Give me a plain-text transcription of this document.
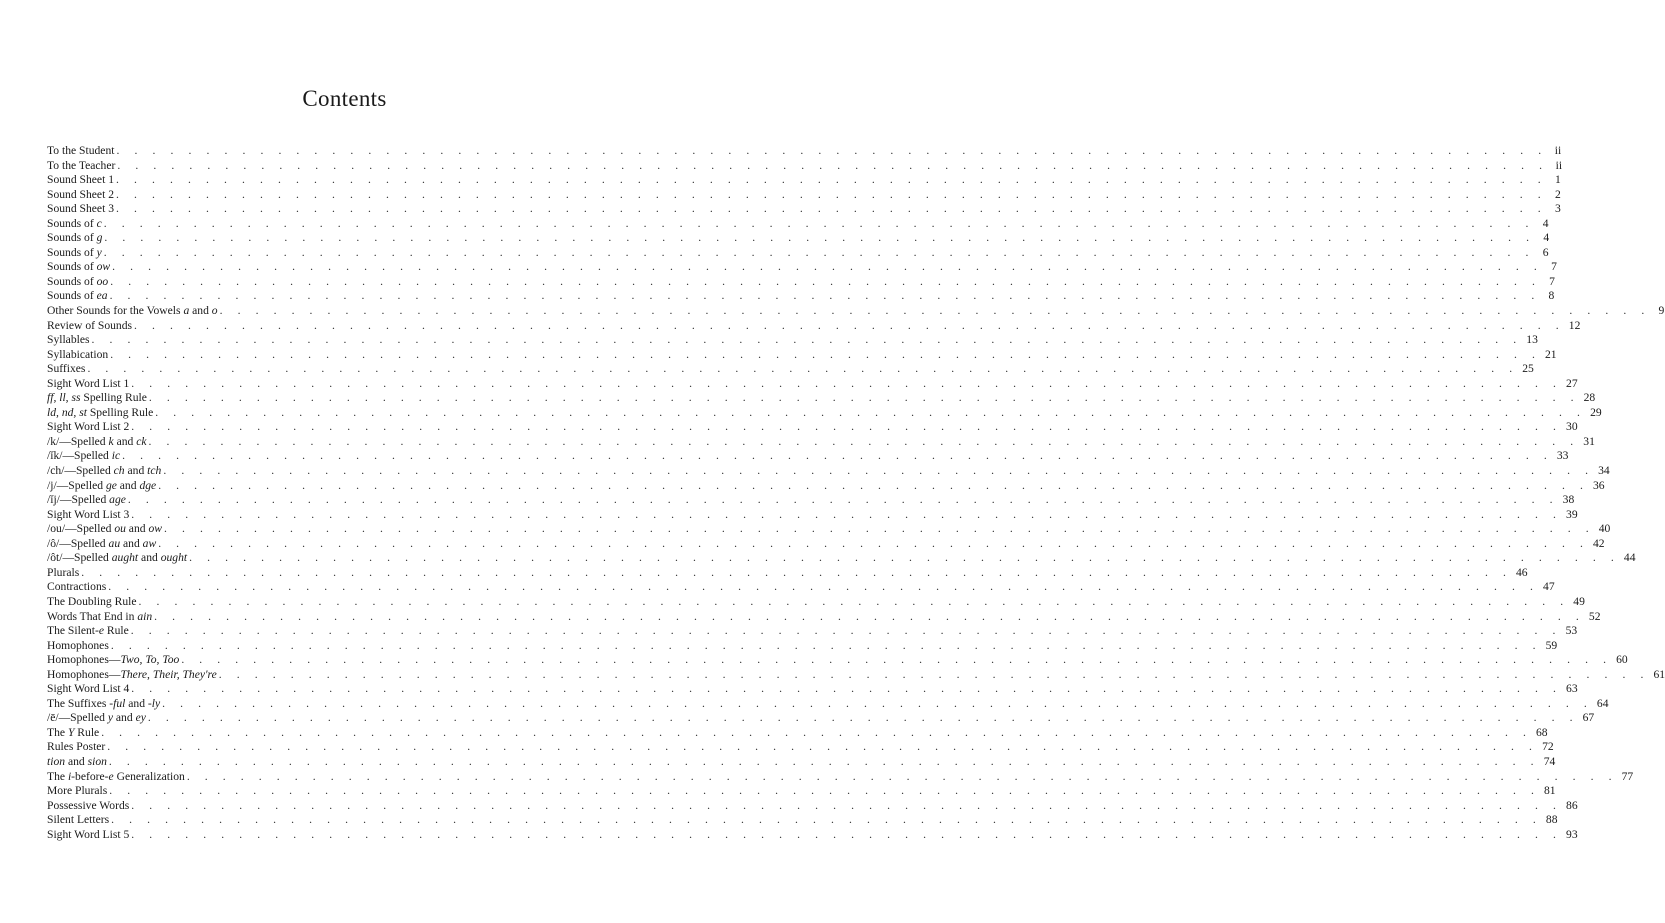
Contents
To the Student . . . . . . . . . . . . . . . . . . . . . . . . . . . . . . . . . . . . . . . . . . . . . . . . . . . . . . . . . . . . . . . . . . . . . . . . . . . . . . . . ii
To the Teacher . . . . . . . . . . . . . . . . . . . . . . . . . . . . . . . . . . . . . . . . . . . . . . . . . . . . . . . . . . . . . . . . . . . . . . . . . . . . . . . . ii
Sound Sheet 1 . . . . . . . . . . . . . . . . . . . . . . . . . . . . . . . . . . . . . . . . . . . . . . . . . . . . . . . . . . . . . . . . . . . . . . . . . . . . . . . . 1
Sound Sheet 2 . . . . . . . . . . . . . . . . . . . . . . . . . . . . . . . . . . . . . . . . . . . . . . . . . . . . . . . . . . . . . . . . . . . . . . . . . . . . . . . . 2
Sound Sheet 3 . . . . . . . . . . . . . . . . . . . . . . . . . . . . . . . . . . . . . . . . . . . . . . . . . . . . . . . . . . . . . . . . . . . . . . . . . . . . . . . . 3
Sounds of c . . . . . . . . . . . . . . . . . . . . . . . . . . . . . . . . . . . . . . . . . . . . . . . . . . . . . . . . . . . . . . . . . . . . . . . . . . . . . . . . 4
Sounds of g . . . . . . . . . . . . . . . . . . . . . . . . . . . . . . . . . . . . . . . . . . . . . . . . . . . . . . . . . . . . . . . . . . . . . . . . . . . . . . . . 4
Sounds of y . . . . . . . . . . . . . . . . . . . . . . . . . . . . . . . . . . . . . . . . . . . . . . . . . . . . . . . . . . . . . . . . . . . . . . . . . . . . . . . . 6
Sounds of ow . . . . . . . . . . . . . . . . . . . . . . . . . . . . . . . . . . . . . . . . . . . . . . . . . . . . . . . . . . . . . . . . . . . . . . . . . . . . . . . . 7
Sounds of oo . . . . . . . . . . . . . . . . . . . . . . . . . . . . . . . . . . . . . . . . . . . . . . . . . . . . . . . . . . . . . . . . . . . . . . . . . . . . . . . . 7
Sounds of ea . . . . . . . . . . . . . . . . . . . . . . . . . . . . . . . . . . . . . . . . . . . . . . . . . . . . . . . . . . . . . . . . . . . . . . . . . . . . . . . . 8
Other Sounds for the Vowels a and o . . . . . . . . . . . . . . . . . . . . . . . . . . . . . . . . . . . . . . . . . . . . . . . . . . . . . . . . . . . . . . . . . . . . . . . . . . . . . . . . 9
Review of Sounds . . . . . . . . . . . . . . . . . . . . . . . . . . . . . . . . . . . . . . . . . . . . . . . . . . . . . . . . . . . . . . . . . . . . . . . . . . . . . . . . 12
Syllables . . . . . . . . . . . . . . . . . . . . . . . . . . . . . . . . . . . . . . . . . . . . . . . . . . . . . . . . . . . . . . . . . . . . . . . . . . . . . . . . 13
Syllabication . . . . . . . . . . . . . . . . . . . . . . . . . . . . . . . . . . . . . . . . . . . . . . . . . . . . . . . . . . . . . . . . . . . . . . . . . . . . . . . . 21
Suffixes . . . . . . . . . . . . . . . . . . . . . . . . . . . . . . . . . . . . . . . . . . . . . . . . . . . . . . . . . . . . . . . . . . . . . . . . . . . . . . . . 25
Sight Word List 1 . . . . . . . . . . . . . . . . . . . . . . . . . . . . . . . . . . . . . . . . . . . . . . . . . . . . . . . . . . . . . . . . . . . . . . . . . . . . . . . . 27
ff, ll, ss Spelling Rule . . . . . . . . . . . . . . . . . . . . . . . . . . . . . . . . . . . . . . . . . . . . . . . . . . . . . . . . . . . . . . . . . . . . . . . . . . . . . . . . 28
ld, nd, st Spelling Rule . . . . . . . . . . . . . . . . . . . . . . . . . . . . . . . . . . . . . . . . . . . . . . . . . . . . . . . . . . . . . . . . . . . . . . . . . . . . . . . . 29
Sight Word List 2 . . . . . . . . . . . . . . . . . . . . . . . . . . . . . . . . . . . . . . . . . . . . . . . . . . . . . . . . . . . . . . . . . . . . . . . . . . . . . . . . 30
/k/—Spelled k and ck . . . . . . . . . . . . . . . . . . . . . . . . . . . . . . . . . . . . . . . . . . . . . . . . . . . . . . . . . . . . . . . . . . . . . . . . . . . . . . . . 31
/ĭk/—Spelled ic . . . . . . . . . . . . . . . . . . . . . . . . . . . . . . . . . . . . . . . . . . . . . . . . . . . . . . . . . . . . . . . . . . . . . . . . . . . . . . . . 33
/ch/—Spelled ch and tch . . . . . . . . . . . . . . . . . . . . . . . . . . . . . . . . . . . . . . . . . . . . . . . . . . . . . . . . . . . . . . . . . . . . . . . . . . . . . . . . 34
/j/—Spelled ge and dge . . . . . . . . . . . . . . . . . . . . . . . . . . . . . . . . . . . . . . . . . . . . . . . . . . . . . . . . . . . . . . . . . . . . . . . . . . . . . . . . 36
/ĭj/—Spelled age . . . . . . . . . . . . . . . . . . . . . . . . . . . . . . . . . . . . . . . . . . . . . . . . . . . . . . . . . . . . . . . . . . . . . . . . . . . . . . . . 38
Sight Word List 3 . . . . . . . . . . . . . . . . . . . . . . . . . . . . . . . . . . . . . . . . . . . . . . . . . . . . . . . . . . . . . . . . . . . . . . . . . . . . . . . . 39
/ou/—Spelled ou and ow . . . . . . . . . . . . . . . . . . . . . . . . . . . . . . . . . . . . . . . . . . . . . . . . . . . . . . . . . . . . . . . . . . . . . . . . . . . . . . . . 40
/ô/—Spelled au and aw . . . . . . . . . . . . . . . . . . . . . . . . . . . . . . . . . . . . . . . . . . . . . . . . . . . . . . . . . . . . . . . . . . . . . . . . . . . . . . . . 42
/ôt/—Spelled aught and ought . . . . . . . . . . . . . . . . . . . . . . . . . . . . . . . . . . . . . . . . . . . . . . . . . . . . . . . . . . . . . . . . . . . . . . . . . . . . . . . . 44
Plurals . . . . . . . . . . . . . . . . . . . . . . . . . . . . . . . . . . . . . . . . . . . . . . . . . . . . . . . . . . . . . . . . . . . . . . . . . . . . . . . . 46
Contractions . . . . . . . . . . . . . . . . . . . . . . . . . . . . . . . . . . . . . . . . . . . . . . . . . . . . . . . . . . . . . . . . . . . . . . . . . . . . . . . . 47
The Doubling Rule . . . . . . . . . . . . . . . . . . . . . . . . . . . . . . . . . . . . . . . . . . . . . . . . . . . . . . . . . . . . . . . . . . . . . . . . . . . . . . . . 49
Words That End in ain . . . . . . . . . . . . . . . . . . . . . . . . . . . . . . . . . . . . . . . . . . . . . . . . . . . . . . . . . . . . . . . . . . . . . . . . . . . . . . . . 52
The Silent-e Rule . . . . . . . . . . . . . . . . . . . . . . . . . . . . . . . . . . . . . . . . . . . . . . . . . . . . . . . . . . . . . . . . . . . . . . . . . . . . . . . . 53
Homophones . . . . . . . . . . . . . . . . . . . . . . . . . . . . . . . . . . . . . . . . . . . . . . . . . . . . . . . . . . . . . . . . . . . . . . . . . . . . . . . . 59
Homophones—Two, To, Too . . . . . . . . . . . . . . . . . . . . . . . . . . . . . . . . . . . . . . . . . . . . . . . . . . . . . . . . . . . . . . . . . . . . . . . . . . . . . . . . 60
Homophones—There, Their, They're . . . . . . . . . . . . . . . . . . . . . . . . . . . . . . . . . . . . . . . . . . . . . . . . . . . . . . . . . . . . . . . . . . . . . . . . . . . . . . . . 61
Sight Word List 4 . . . . . . . . . . . . . . . . . . . . . . . . . . . . . . . . . . . . . . . . . . . . . . . . . . . . . . . . . . . . . . . . . . . . . . . . . . . . . . . . 63
The Suffixes -ful and -ly . . . . . . . . . . . . . . . . . . . . . . . . . . . . . . . . . . . . . . . . . . . . . . . . . . . . . . . . . . . . . . . . . . . . . . . . . . . . . . . . 64
/ē/—Spelled y and ey . . . . . . . . . . . . . . . . . . . . . . . . . . . . . . . . . . . . . . . . . . . . . . . . . . . . . . . . . . . . . . . . . . . . . . . . . . . . . . . . 67
The Y Rule . . . . . . . . . . . . . . . . . . . . . . . . . . . . . . . . . . . . . . . . . . . . . . . . . . . . . . . . . . . . . . . . . . . . . . . . . . . . . . . . 68
Rules Poster . . . . . . . . . . . . . . . . . . . . . . . . . . . . . . . . . . . . . . . . . . . . . . . . . . . . . . . . . . . . . . . . . . . . . . . . . . . . . . . . 72
tion and sion . . . . . . . . . . . . . . . . . . . . . . . . . . . . . . . . . . . . . . . . . . . . . . . . . . . . . . . . . . . . . . . . . . . . . . . . . . . . . . . . 74
The i-before-e Generalization . . . . . . . . . . . . . . . . . . . . . . . . . . . . . . . . . . . . . . . . . . . . . . . . . . . . . . . . . . . . . . . . . . . . . . . . . . . . . . . . 77
More Plurals . . . . . . . . . . . . . . . . . . . . . . . . . . . . . . . . . . . . . . . . . . . . . . . . . . . . . . . . . . . . . . . . . . . . . . . . . . . . . . . . 81
Possessive Words . . . . . . . . . . . . . . . . . . . . . . . . . . . . . . . . . . . . . . . . . . . . . . . . . . . . . . . . . . . . . . . . . . . . . . . . . . . . . . . . 86
Silent Letters . . . . . . . . . . . . . . . . . . . . . . . . . . . . . . . . . . . . . . . . . . . . . . . . . . . . . . . . . . . . . . . . . . . . . . . . . . . . . . . . 88
Sight Word List 5 . . . . . . . . . . . . . . . . . . . . . . . . . . . . . . . . . . . . . . . . . . . . . . . . . . . . . . . . . . . . . . . . . . . . . . . . . . . . . . . . 93
